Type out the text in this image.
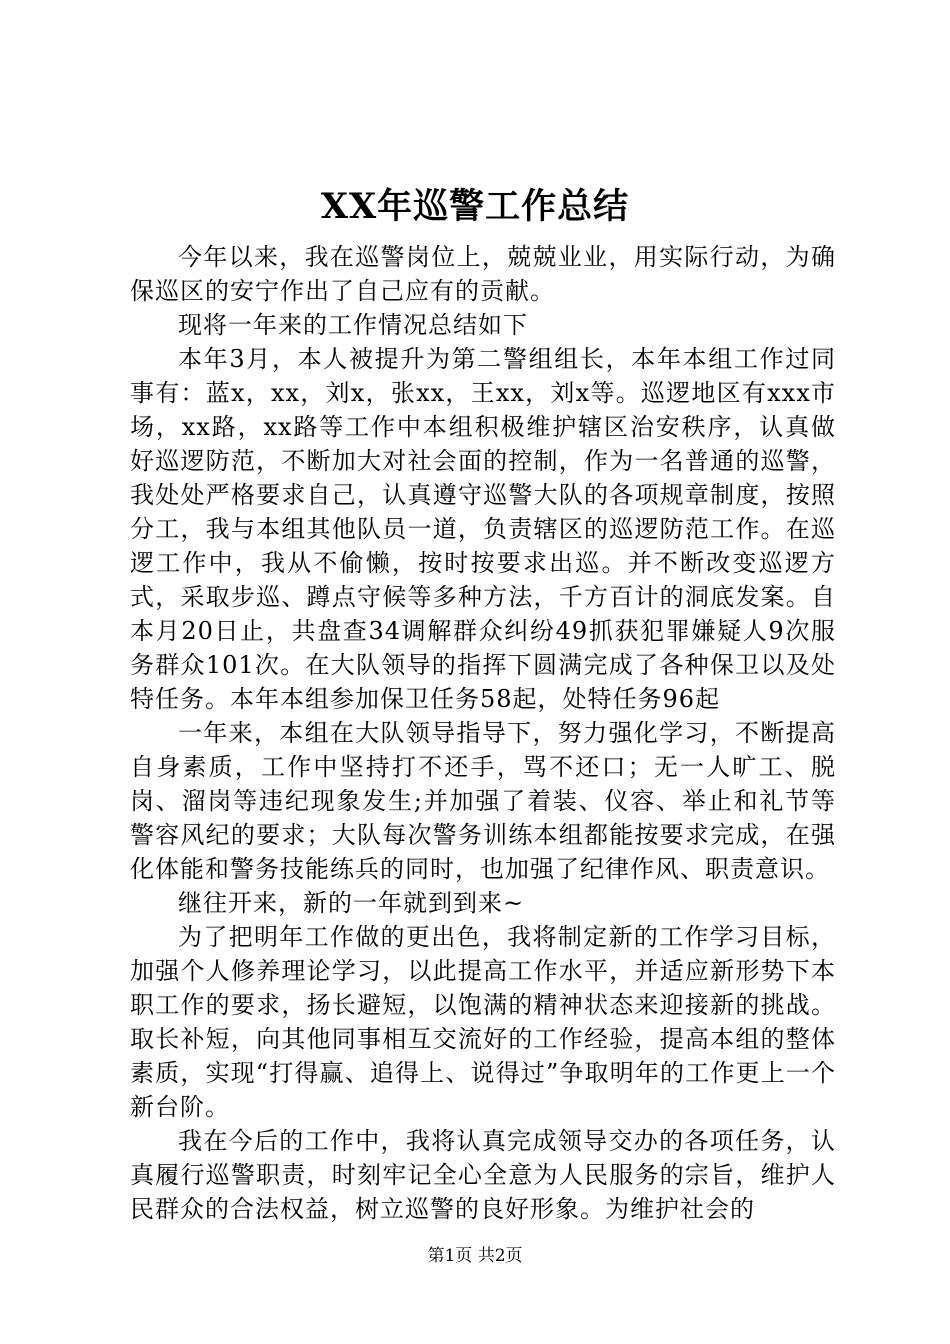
XX年巡警工作总结

今年以来，我在巡警岗位上，兢兢业业，用实际行动，为确保巡区的安宁作出了自己应有的贡献。

现将一年来的工作情况总结如下

本年3月，本人被提升为第二警组组长，本年本组工作过同事有：蓝x，xx，刘x，张xx，王xx，刘x等。巡逻地区有xxx市场，xx路，xx路等工作中本组积极维护辖区治安秩序，认真做好巡逻防范，不断加大对社会面的控制，作为一名普通的巡警，我处处严格要求自己，认真遵守巡警大队的各项规章制度，按照分工，我与本组其他队员一道，负责辖区的巡逻防范工作。在巡逻工作中，我从不偷懒，按时按要求出巡。并不断改变巡逻方式，采取步巡、蹲点守候等多种方法，千方百计的洞底发案。自本月20日止，共盘查34调解群众纠纷49抓获犯罪嫌疑人9次服务群众101次。在大队领导的指挥下圆满完成了各种保卫以及处特任务。本年本组参加保卫任务58起，处特任务96起

一年来，本组在大队领导指导下，努力强化学习，不断提高自身素质，工作中坚持打不还手，骂不还口；无一人旷工、脱岗、溜岗等违纪现象发生;并加强了着装、仪容、举止和礼节等警容风纪的要求；大队每次警务训练本组都能按要求完成，在强化体能和警务技能练兵的同时，也加强了纪律作风、职责意识。

继往开来，新的一年就到到来~

为了把明年工作做的更出色，我将制定新的工作学习目标，加强个人修养理论学习，以此提高工作水平，并适应新形势下本职工作的要求，扬长避短，以饱满的精神状态来迎接新的挑战。取长补短，向其他同事相互交流好的工作经验，提高本组的整体素质，实现“打得赢、追得上、说得过”争取明年的工作更上一个新台阶。

我在今后的工作中，我将认真完成领导交办的各项任务，认真履行巡警职责，时刻牢记全心全意为人民服务的宗旨，维护人民群众的合法权益，树立巡警的良好形象。为维护社会的

第1页 共2页
